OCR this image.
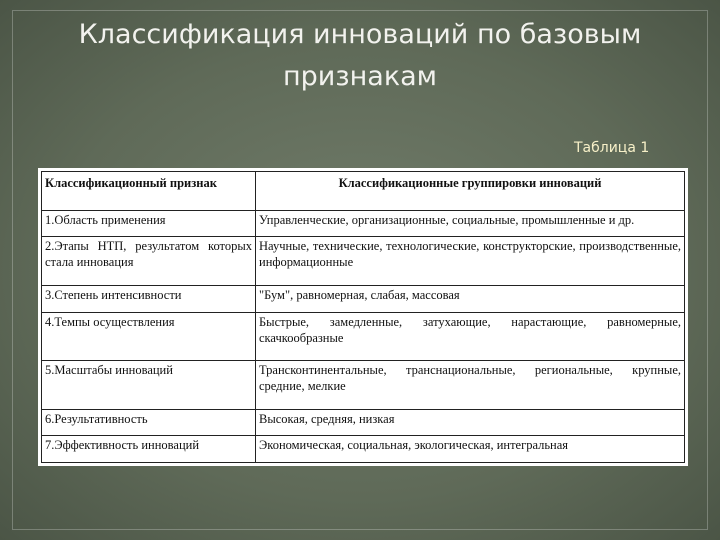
Классификация инноваций по базовым
признакам
Таблица 1
Классификационный признак	Классификационные группировки инноваций
1.Область применения	Управленческие, организационные, социальные, промышленные и др.
2.Этапы НТП, результатом которых стала инновация	Научные, технические, технологические, конструкторские, производственные, информационные
3.Степень интенсивности	"Бум", равномерная, слабая, массовая
4.Темпы осуществления	Быстрые, замедленные, затухающие, нарастающие, равномерные, скачкообразные
5.Масштабы инноваций	Трансконтинентальные, транснациональные, региональные, крупные, средние, мелкие
6.Результативность	Высокая, средняя, низкая
7.Эффективность инноваций	Экономическая, социальная, экологическая, интегральная
